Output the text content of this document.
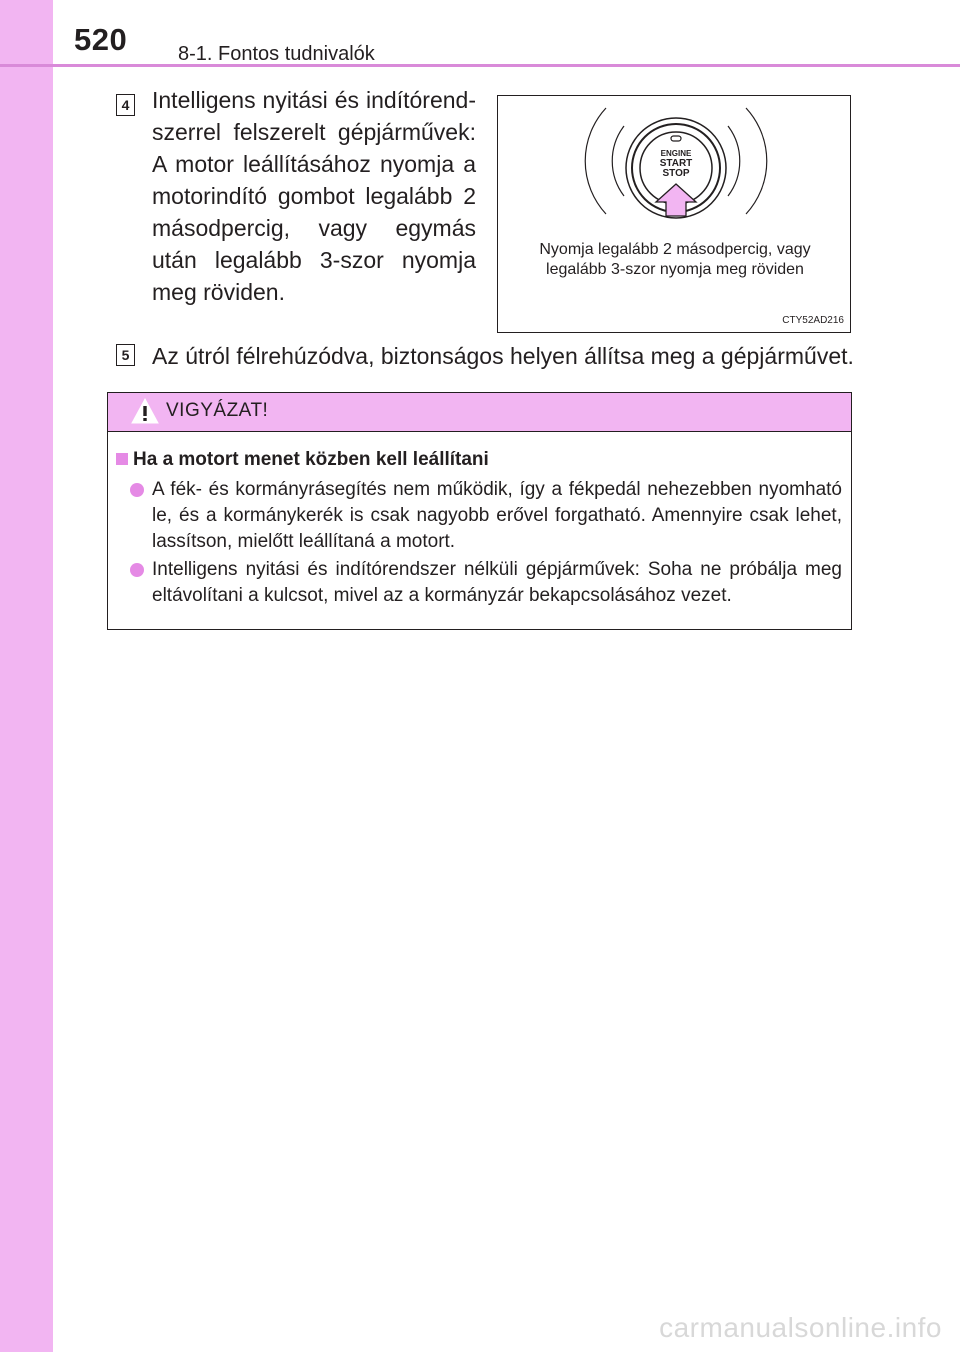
520	8-1. Fontos tudnivalók
4 Intelligens nyitási és indítórend-szerrel felszerelt gépjárművek: A motor leállításához nyomja a motorindító gombot legalább 2 másodpercig, vagy egymás után legalább 3-szor nyomja meg röviden.
ENGINE
START
STOP
Nyomja legalább 2 másodpercig, vagy
legalább 3-szor nyomja meg röviden
CTY52AD216
5 Az útról félrehúzódva, biztonságos helyen állítsa meg a gépjárművet.
VIGYÁZAT!
Ha a motort menet közben kell leállítani
A fék- és kormányrásegítés nem működik, így a fékpedál nehezebben nyomható le, és a kormánykerék is csak nagyobb erővel forgatható. Amennyire csak lehet, lassítson, mielőtt leállítaná a motort.
Intelligens nyitási és indítórendszer nélküli gépjárművek: Soha ne próbálja meg eltávolítani a kulcsot, mivel az a kormányzár bekapcsolásához vezet.
carmanualsonline.info
